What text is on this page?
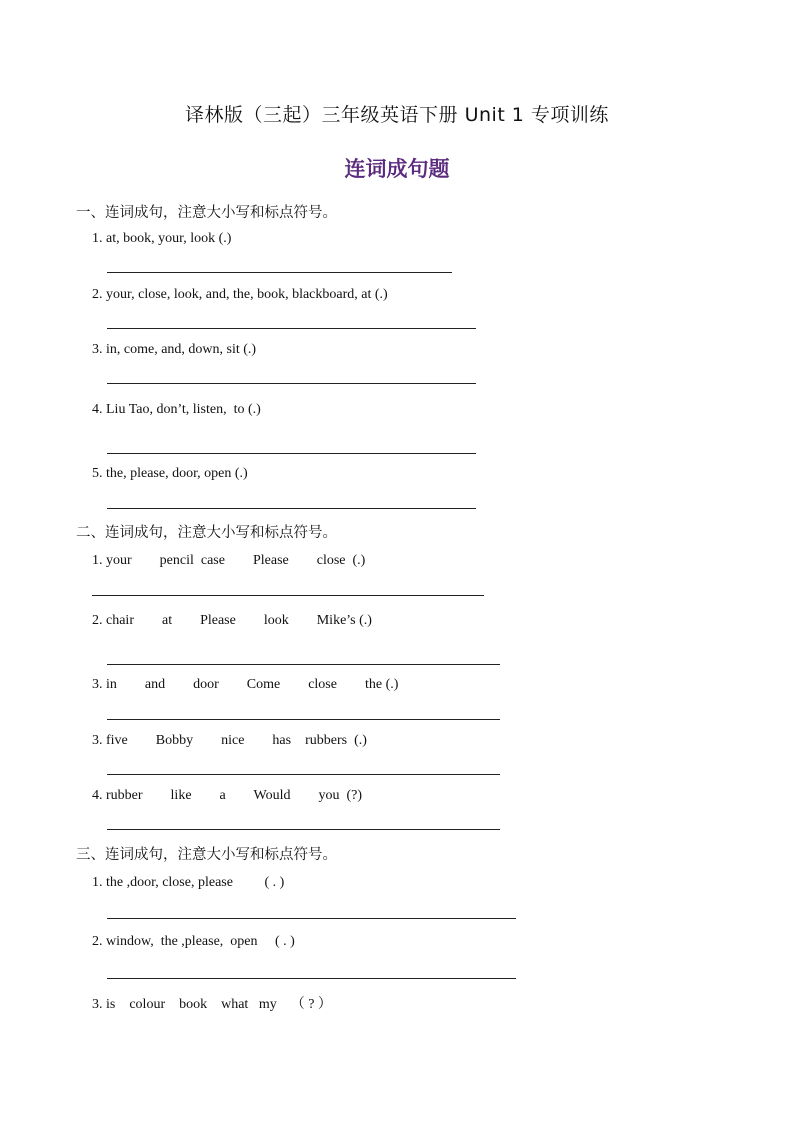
译林版（三起）三年级英语下册 Unit 1 专项训练
连词成句题
一、连词成句，注意大小写和标点符号。
1. at, book, your, look (.)
2. your, close, look, and, the, book, blackboard, at (.)
3. in, come, and, down, sit (.)
4. Liu Tao, don’t, listen,  to (.)
5. the, please, door, open (.)
二、连词成句，注意大小写和标点符号。
1. your        pencil  case        Please        close  (.)
2. chair        at        Please        look        Mike’s (.)
3. in        and        door        Come        close        the (.)
3. five        Bobby        nice        has    rubbers  (.)
4. rubber        like        a        Would        you  (?)
三、连词成句，注意大小写和标点符号。
1. the ,door, close, please         ( . )
2. window,  the ,please,  open     ( . )
3. is    colour    book    what   my    （ ? ）
